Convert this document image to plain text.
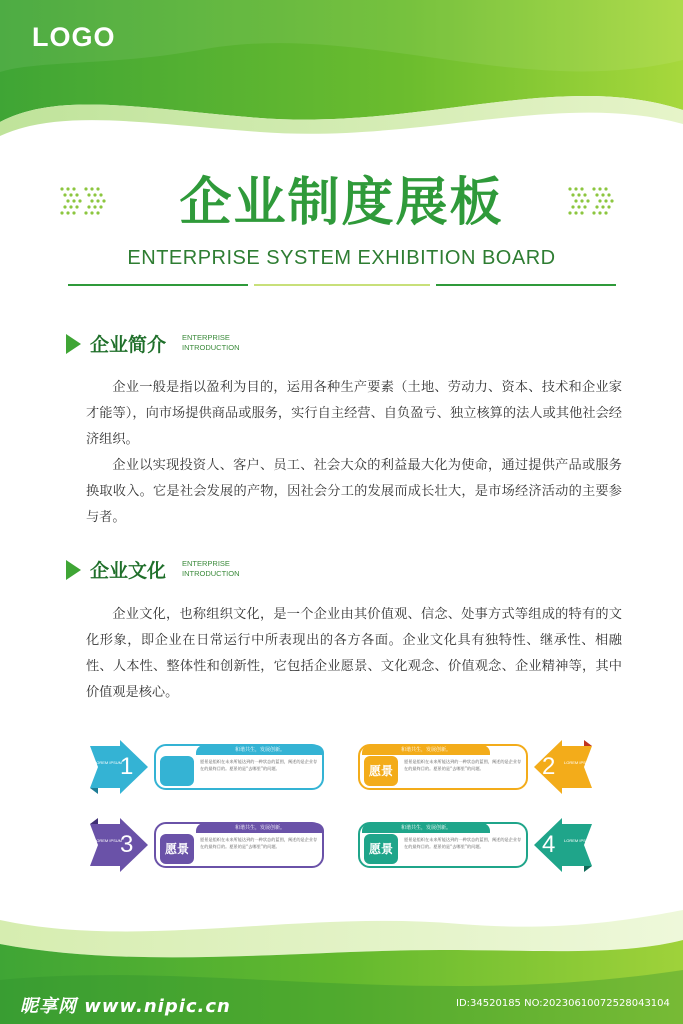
LOGO
企业制度展板
ENTERPRISE SYSTEM EXHIBITION BOARD
企业简介 ENTERPRISE
INTRODUCTION
企业一般是指以盈利为目的，运用各种生产要素（土地、劳动力、资本、技术和企业家才能等），向市场提供商品或服务，实行自主经营、自负盈亏、独立核算的法人或其他社会经济组织。
企业以实现投资人、客户、员工、社会大众的利益最大化为使命，通过提供产品或服务换取收入。它是社会发展的产物，因社会分工的发展而成长壮大，是市场经济活动的主要参与者。
企业文化 ENTERPRISE
INTRODUCTION
企业文化，也称组织文化，是一个企业由其价值观、信念、处事方式等组成的特有的文化形象，即企业在日常运行中所表现出的各方各面。企业文化具有独特性、继承性、相融性、人本性、整体性和创新性，它包括企业愿景、文化观念、价值观念、企业精神等，其中价值观是核心。
LOREM IPSUM
1
和谐共生，发展创新。
愿景是组织在未来所能达到的一种状态的蓝图，阐述的是企业存在的最终目的。愿景的是“去哪里”的问题。
和谐共生，发展创新。
愿景
愿景是组织在未来所能达到的一种状态的蓝图，阐述的是企业存在的最终目的。愿景的是“去哪里”的问题。	2 LOREM IPSUM
LOREM IPSUM
3
和谐共生，发展创新。
愿景
愿景是组织在未来所能达到的一种状态的蓝图，阐述的是企业存在的最终目的。愿景的是“去哪里”的问题。
和谐共生，发展创新。
愿景
愿景是组织在未来所能达到的一种状态的蓝图，阐述的是企业存在的最终目的。愿景的是“去哪里”的问题。	4 LOREM IPSUM
昵享网 www.nipic.cn	ID:34520185 NO:20230610072528043104
